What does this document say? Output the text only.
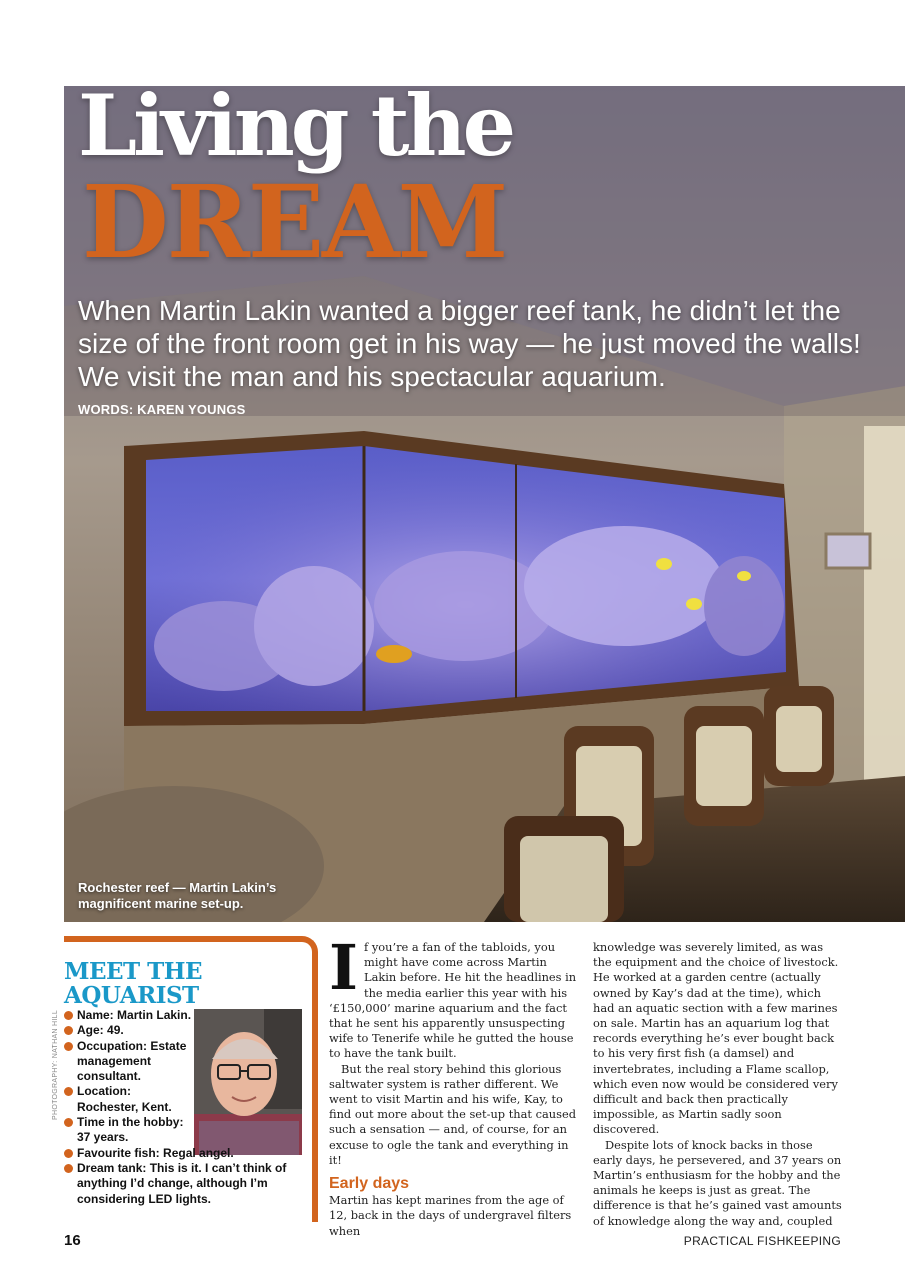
Living the
DREAM

When Martin Lakin wanted a bigger reef tank, he didn’t let the size of the front room get in his way — he just moved the walls! We visit the man and his spectacular aquarium.

WORDS: KAREN YOUNGS

Rochester reef — Martin Lakin’s magnificent marine set-up.

MEET THE
AQUARIST
Name: Martin Lakin.
Age: 49.
Occupation: Estate management consultant.
Location:
Rochester, Kent.
Time in the hobby:
37 years.
Favourite fish: Regal angel.
Dream tank: This is it. I can’t think of anything I’d change, although I’m considering LED lights.
PHOTOGRAPHY: NATHAN HILL

If you’re a fan of the tabloids, you might have come across Martin Lakin before. He hit the headlines in the media earlier this year with his ‘£150,000’ marine aquarium and the fact that he sent his apparently unsuspecting wife to Tenerife while he gutted the house to have the tank built.

But the real story behind this glorious saltwater system is rather different. We went to visit Martin and his wife, Kay, to find out more about the set-up that caused such a sensation — and, of course, for an excuse to ogle the tank and everything in it!

Early days

Martin has kept marines from the age of 12, back in the days of undergravel filters when

knowledge was severely limited, as was the equipment and the choice of livestock. He worked at a garden centre (actually owned by Kay’s dad at the time), which had an aquatic section with a few marines on sale. Martin has an aquarium log that records everything he’s ever bought back to his very first fish (a damsel) and invertebrates, including a Flame scallop, which even now would be considered very difficult and back then practically impossible, as Martin sadly soon discovered.

Despite lots of knock backs in those early days, he persevered, and 37 years on Martin’s enthusiasm for the hobby and the animals he keeps is just as great. The difference is that he’s gained vast amounts of knowledge along the way and, coupled

16	PRACTICAL FISHKEEPING
